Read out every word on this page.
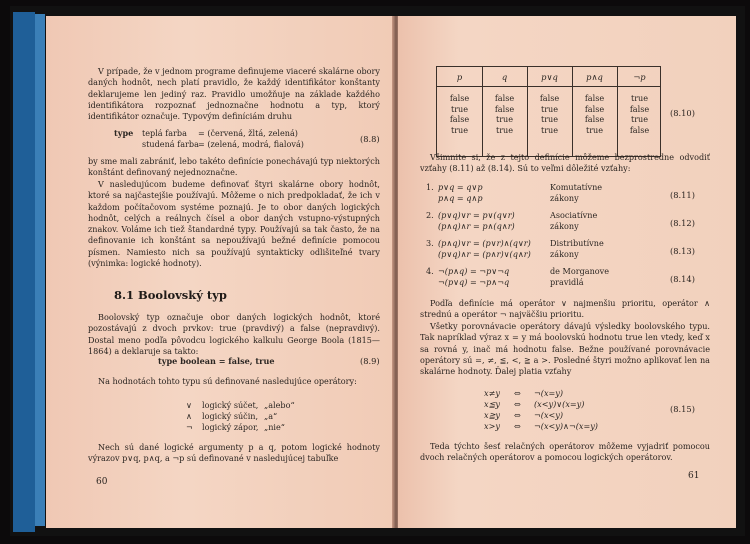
V prípade, že v jednom programe definujeme viaceré skalárne obory daných hodnôt, nech platí pravidlo, že každý identifikátor konštanty deklarujeme len jediný raz. Pravidlo umožňuje na základe každého identifikátora rozpoznať jednoznačne hodnotu a typ, ktorý identifikátor označuje. Typovým definíciám druhu
type teplá farba = (červená, žltá, zelená)
studená farba = (zelená, modrá, fialová)	(8.8)
by sme mali zabrániť, lebo takéto definície ponechávajú typ niektorých konštánt definovaný nejednoznačne.
V nasledujúcom budeme definovať štyri skalárne obory hodnôt, ktoré sa najčastejšie používajú. Môžeme o nich predpokladať, že ich v každom počítačovom systéme poznajú. Je to obor daných logických hodnôt, celých a reálnych čísel a obor daných vstupno-výstupných znakov. Voláme ich tiež štandardné typy. Používajú sa tak často, že na definovanie ich konštánt sa nepoužívajú bežné definície pomocou písmen. Namiesto nich sa používajú syntakticky odlišiteľné tvary (výnimka: logické hodnoty).
8.1 Boolovský typ
Boolovský typ označuje obor daných logických hodnôt, ktoré pozostávajú z dvoch prvkov: true (pravdivý) a false (nepravdivý). Dostal meno podľa pôvodcu logického kalkulu George Boola (1815—1864) a deklaruje sa takto:
type boolean = false, true	(8.9)
Na hodnotách tohto typu sú definované nasledujúce operátory:
∨ logický súčet, „alebo“
∧ logický súčin, „a“
¬ logický zápor, „nie“
Nech sú dané logické argumenty p a q, potom logické hodnoty výrazov p∨q, p∧q, a ¬p sú definované v nasledujúcej tabuľke
60
p	q	p∨q	p∧q	¬p
false	false	false	false	true
true	false	true	false	false
false	true	true	false	true
true	true	true	true	false
(8.10)
Všimnite si, že z tejto definície môžeme bezprostredne odvodiť vzťahy (8.11) až (8.14). Sú to veľmi dôležité vzťahy:
1. p∨q = q∨p
p∧q = q∧p
Komutatívne
zákony	(8.11)
2. (p∨q)∨r = p∨(q∨r)
(p∧q)∧r = p∧(q∧r)
Asociatívne
zákony	(8.12)
3. (p∧q)∨r = (p∨r)∧(q∨r)
(p∨q)∧r = (p∧r)∨(q∧r)
Distributívne
zákony	(8.13)
4. ¬(p∧q) = ¬p∨¬q
¬(p∨q) = ¬p∧¬q
de Morganove
pravidlá	(8.14)
Podľa definície má operátor ∨ najmenšiu prioritu, operátor ∧ strednú a operátor ¬ najväčšiu prioritu.
Všetky porovnávacie operátory dávajú výsledky boolovského typu. Tak napríklad výraz x = y má boolovskú hodnotu true len vtedy, keď x sa rovná y, inač má hodnotu false. Bežne používané porovnávacie operátory sú =, ≠, ≦, <, ≧ a >. Posledné štyri možno aplikovať len na skalárne hodnoty. Ďalej platia vzťahy
x≠y ⇔ ¬(x=y)
x≦y ⇔ (x<y)∨(x=y)
x≧y ⇔ ¬(x<y)
x>y ⇔ ¬(x<y)∧¬(x=y)
(8.15)
Teda týchto šesť relačných operátorov môžeme vyjadriť pomocou dvoch relačných operátorov a pomocou logických operátorov.
61
